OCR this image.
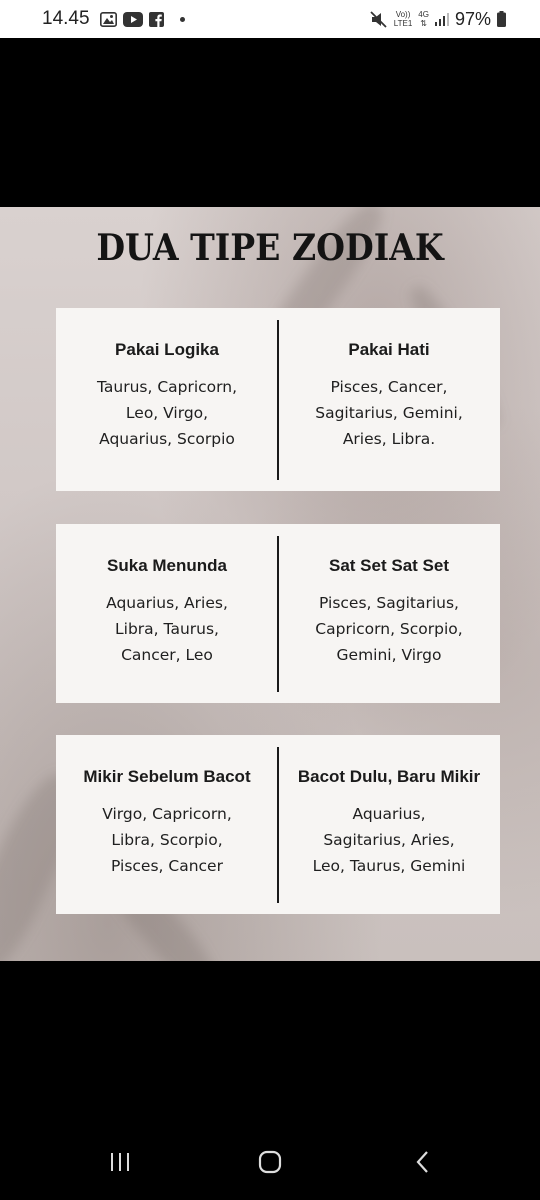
14.45	Vo))
LTE1
4G
⇅ 97%
DUA TIPE ZODIAK
Pakai Logika
Taurus, Capricorn,
Leo, Virgo,
Aquarius, Scorpio
Pakai Hati
Pisces, Cancer,
Sagitarius, Gemini,
Aries, Libra.
Suka Menunda
Aquarius, Aries,
Libra, Taurus,
Cancer, Leo
Sat Set Sat Set
Pisces, Sagitarius,
Capricorn, Scorpio,
Gemini, Virgo
Mikir Sebelum Bacot
Virgo, Capricorn,
Libra, Scorpio,
Pisces, Cancer
Bacot Dulu, Baru Mikir
Aquarius,
Sagitarius, Aries,
Leo, Taurus, Gemini
